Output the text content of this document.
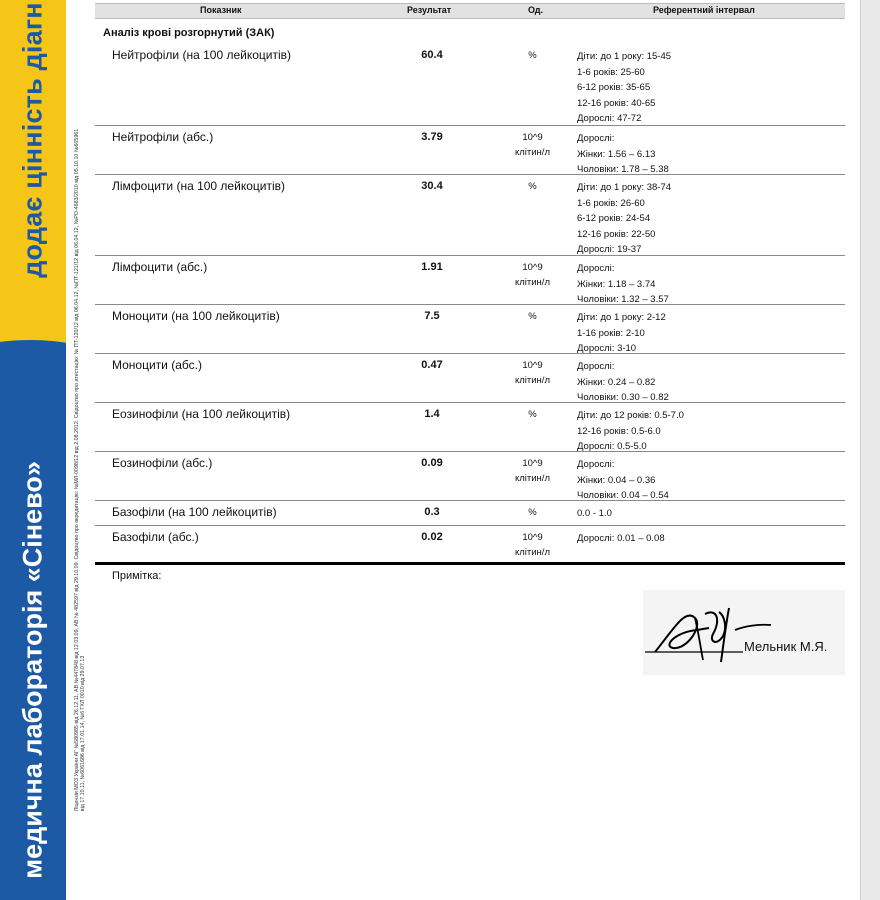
додає цінність діагн
медична лабораторія «Сінево»	Ліцензія МОЗ України АГ №580985 від 26.12.11, АВ №447848 від 12.03.09, АВ № 482597 від 29.10.09. Свідоцтво про акредитацію: №МЛ-0098/12 від 2.08.2012. Свідоцтво про атестацію: № ПТ-120/12 від 06.04.12, №ПТ-121/12 від 06.04.12, №РО-4683/2010 від 05.10.10 №605961 від 17.10.11, №6061686 від 17.01.14, №6 ГХЛ 0010 від 29.07.13
Показник	Результат	Од.	Референтний інтервал
Аналіз крові розгорнутий (ЗАК)
Нейтрофіли (на 100 лейкоцитів)	60.4	%	Діти: до 1 року: 15-45
1-6 років: 25-60
6-12 років: 35-65
12-16 років: 40-65
Дорослі: 47-72
Нейтрофіли (абс.)	3.79	10^9
клітин/л
Дорослі:
Жінки: 1.56 – 6.13
Чоловіки: 1.78 – 5.38
Лімфоцити (на 100 лейкоцитів)	30.4	%	Діти: до 1 року: 38-74
1-6 років: 26-60
6-12 років: 24-54
12-16 років: 22-50
Дорослі: 19-37
Лімфоцити (абс.)	1.91	10^9
клітин/л
Дорослі:
Жінки: 1.18 – 3.74
Чоловіки: 1.32 – 3.57
Моноцити (на 100 лейкоцитів)	7.5	%	Діти: до 1 року: 2-12
1-16 років: 2-10
Дорослі: 3-10
Моноцити (абс.)	0.47	10^9
клітин/л
Дорослі:
Жінки: 0.24 – 0.82
Чоловіки: 0.30 – 0.82
Еозинофіли (на 100 лейкоцитів)	1.4	%	Діти: до 12 років: 0.5-7.0
12-16 років: 0.5-6.0
Дорослі: 0.5-5.0
Еозинофіли (абс.)	0.09	10^9
клітин/л
Дорослі:
Жінки: 0.04 – 0.36
Чоловіки: 0.04 – 0.54
Базофіли (на 100 лейкоцитів)	0.3	%	0.0 - 1.0
Базофіли (абс.)	0.02	10^9
клітин/л
Дорослі: 0.01 – 0.08
Примітка:
Мельник М.Я.
